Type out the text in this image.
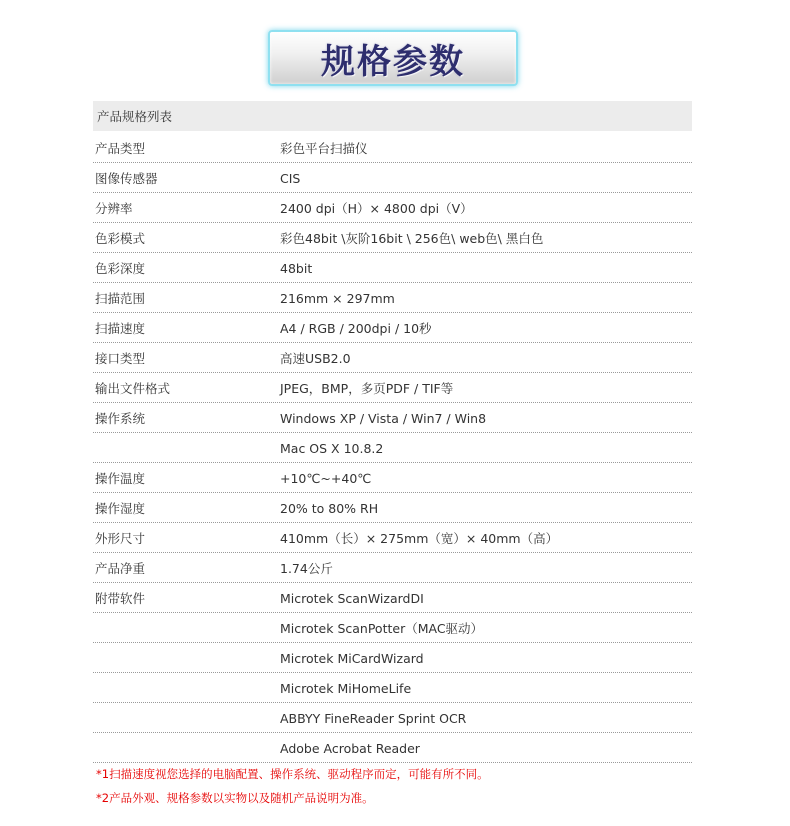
规格参数
产品规格列表
产品类型	彩色平台扫描仪
图像传感器	CIS
分辨率	2400 dpi（H）× 4800 dpi（V）
色彩模式	彩色48bit \灰阶16bit \ 256色\ web色\ 黑白色
色彩深度	48bit
扫描范围	216mm × 297mm
扫描速度	A4 / RGB / 200dpi / 10秒
接口类型	高速USB2.0
输出文件格式	JPEG，BMP，多页PDF / TIF等
操作系统	Windows XP / Vista / Win7 / Win8
Mac OS X 10.8.2
操作温度	+10℃~+40℃
操作湿度	20% to 80% RH
外形尺寸	410mm（长）× 275mm（宽）× 40mm（高）
产品净重	1.74公斤
附带软件	Microtek ScanWizardDI
Microtek ScanPotter（MAC驱动）
Microtek MiCardWizard
Microtek MiHomeLife
ABBYY FineReader Sprint OCR
Adobe Acrobat Reader
*1扫描速度视您选择的电脑配置、操作系统、驱动程序而定，可能有所不同。
*2产品外观、规格参数以实物以及随机产品说明为准。
